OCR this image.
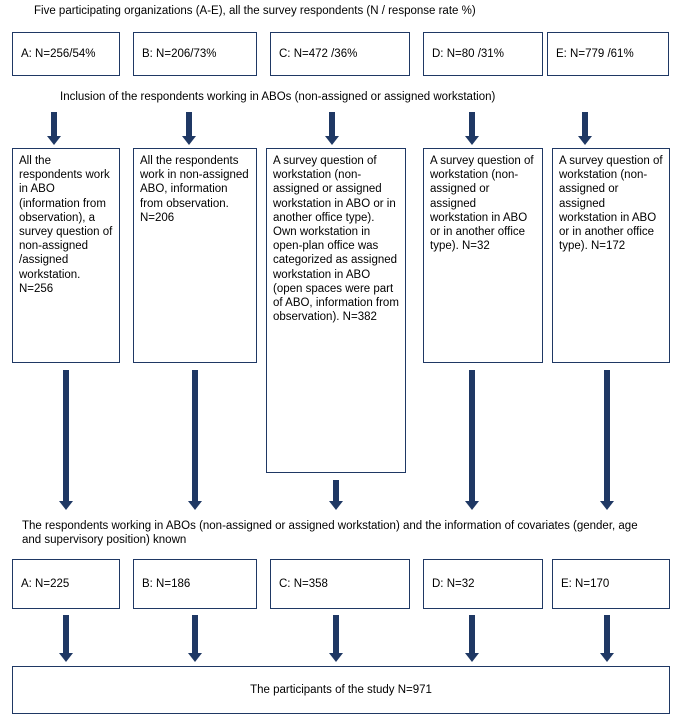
Five participating organizations (A-E), all the survey respondents (N / response rate %)
A: N=256/54%	B: N=206/73%	C: N=472 /36%	D: N=80 /31%	E: N=779 /61%
Inclusion of the respondents working in ABOs (non-assigned or assigned workstation)
All the respondents work in ABO (information from observation), a survey question of non-assigned /assigned workstation. N=256
All the respondents work in non-assigned ABO, information from observation. N=206
A survey question of workstation (non-assigned or assigned workstation in ABO or in another office type). Own workstation in open-plan office was categorized as assigned workstation in ABO (open spaces were part of ABO, information from observation). N=382
A survey question of workstation (non-assigned or assigned workstation in ABO or in another office type). N=32
A survey question of workstation (non-assigned or assigned workstation in ABO or in another office type). N=172
The respondents working in ABOs (non-assigned or assigned workstation) and the information of covariates (gender, age and supervisory position) known
A: N=225	B: N=186	C: N=358	D: N=32	E: N=170
The participants of the study N=971
